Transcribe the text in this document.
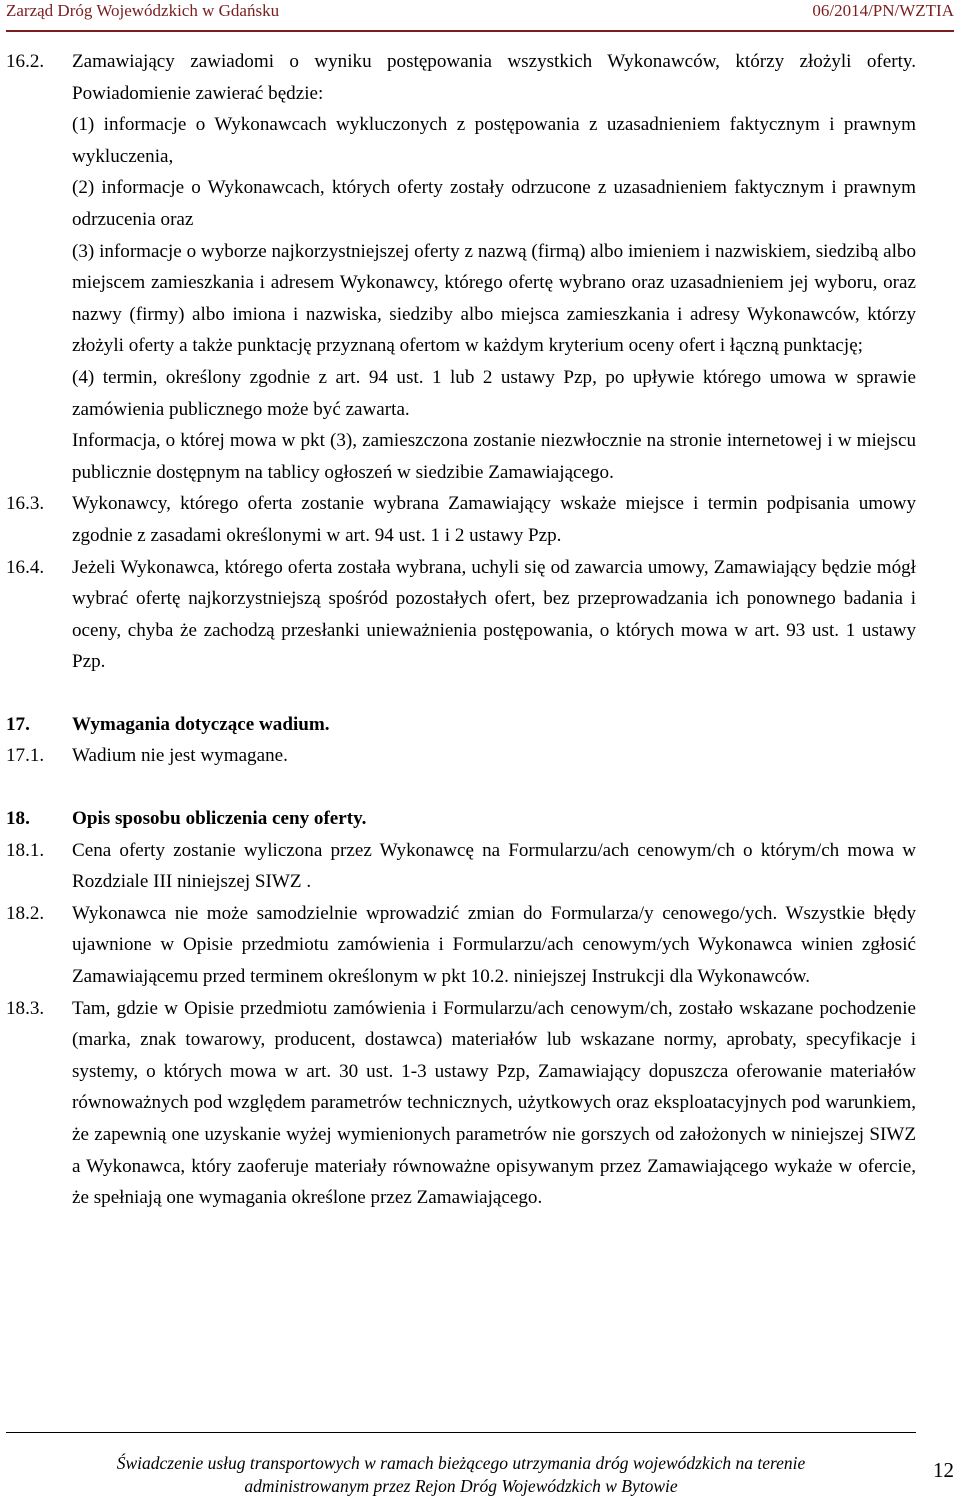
Zarząd Dróg Wojewódzkich w Gdańsku	06/2014/PN/WZTIA
16.2.	Zamawiający zawiadomi o wyniku postępowania wszystkich Wykonawców, którzy złożyli oferty. Powiadomienie zawierać będzie:

(1) informacje o Wykonawcach wykluczonych z postępowania z uzasadnieniem faktycznym i prawnym wykluczenia,

(2) informacje o Wykonawcach, których oferty zostały odrzucone z uzasadnieniem faktycznym i prawnym odrzucenia oraz

(3) informacje o wyborze najkorzystniejszej oferty z nazwą (firmą) albo imieniem i nazwiskiem, siedzibą albo miejscem zamieszkania i adresem Wykonawcy, którego ofertę wybrano oraz uzasadnieniem jej wyboru, oraz nazwy (firmy) albo imiona i nazwiska, siedziby albo miejsca zamieszkania i adresy Wykonawców, którzy złożyli oferty a także punktację przyznaną ofertom w każdym kryterium oceny ofert i łączną punktację;

(4) termin, określony zgodnie z art. 94 ust. 1 lub 2 ustawy Pzp, po upływie którego umowa w sprawie zamówienia publicznego może być zawarta.

Informacja, o której mowa w pkt (3), zamieszczona zostanie niezwłocznie na stronie internetowej i w miejscu publicznie dostępnym na tablicy ogłoszeń w siedzibie Zamawiającego.

16.3.	Wykonawcy, którego oferta zostanie wybrana Zamawiający wskaże miejsce i termin podpisania umowy zgodnie z zasadami określonymi w art. 94 ust. 1 i 2 ustawy Pzp.

16.4.	Jeżeli Wykonawca, którego oferta została wybrana, uchyli się od zawarcia umowy, Zamawiający będzie mógł wybrać ofertę najkorzystniejszą spośród pozostałych ofert, bez przeprowadzania ich ponownego badania i oceny, chyba że zachodzą przesłanki unieważnienia postępowania, o których mowa w art. 93 ust. 1 ustawy Pzp.

17.	Wymagania dotyczące wadium.
17.1.	Wadium nie jest wymagane.

18.	Opis sposobu obliczenia ceny oferty.
18.1.	Cena oferty zostanie wyliczona przez Wykonawcę na Formularzu/ach cenowym/ch o którym/ch mowa w Rozdziale III niniejszej SIWZ .

18.2.	Wykonawca nie może samodzielnie wprowadzić zmian do Formularza/y cenowego/ych. Wszystkie błędy ujawnione w Opisie przedmiotu zamówienia i Formularzu/ach cenowym/ych Wykonawca winien zgłosić Zamawiającemu przed terminem określonym w pkt 10.2. niniejszej Instrukcji dla Wykonawców.

18.3.	Tam, gdzie w Opisie przedmiotu zamówienia i Formularzu/ach cenowym/ch, zostało wskazane pochodzenie (marka, znak towarowy, producent, dostawca) materiałów lub wskazane normy, aprobaty, specyfikacje i systemy, o których mowa w art. 30 ust. 1-3 ustawy Pzp, Zamawiający dopuszcza oferowanie materiałów równoważnych pod względem parametrów technicznych, użytkowych oraz eksploatacyjnych pod warunkiem, że zapewnią one uzyskanie wyżej wymienionych parametrów nie gorszych od założonych w niniejszej SIWZ a Wykonawca, który zaoferuje materiały równoważne opisywanym przez Zamawiającego wykaże w ofercie, że spełniają one wymagania określone przez Zamawiającego.

Świadczenie usług transportowych w ramach bieżącego utrzymania dróg wojewódzkich na terenie
administrowanym przez Rejon Dróg Wojewódzkich w Bytowie
12
